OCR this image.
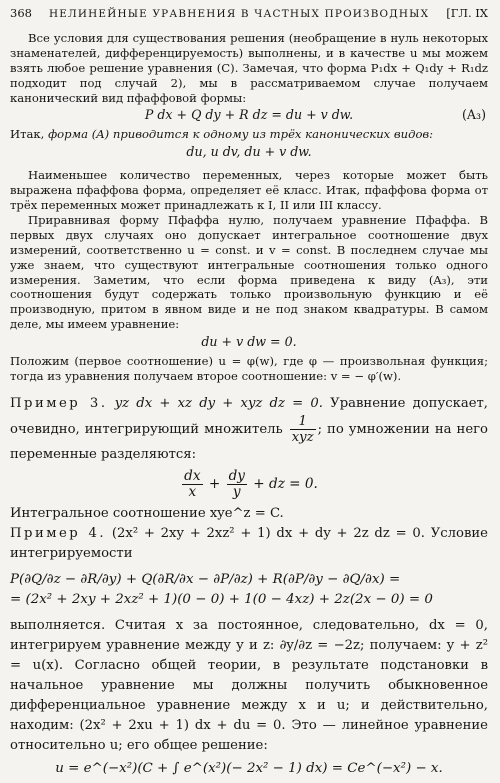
368 НЕЛИНЕЙНЫЕ УРАВНЕНИЯ В ЧАСТНЫХ ПРОИЗВОДНЫХ [ГЛ. IX

Все условия для существования решения (необращение в нуль некоторых знаменателей, дифференцируемость) выполнены, и в качестве u мы можем взять любое решение уравнения (C). Замечая, что форма P₁dx + Q₁dy + R₁dz подходит под случай 2), мы в рассматриваемом случае получаем канонический вид пфаффовой формы:

P dx + Q dy + R dz = du + v dw.	(A₃)

Итак, форма (A) приводится к одному из трёх канонических видов:

du, u dv, du + v dw.

Наименьшее количество переменных, через которые может быть выражена пфаффова форма, определяет её класс. Итак, пфаффова форма от трёх переменных может принадлежать к I, II или III классу.

Приравнивая форму Пфаффа нулю, получаем уравнение Пфаффа. В первых двух случаях оно допускает интегральное соотношение двух измерений, соответственно u = const. и v = const. В последнем случае мы уже знаем, что существуют интегральные соотношения только одного измерения. Заметим, что если форма приведена к виду (A₃), эти соотношения будут содержать только произвольную функцию и её производную, притом в явном виде и не под знаком квадратуры. В самом деле, мы имеем уравнение:

du + v dw = 0.

Положим (первое соотношение) u = φ(w), где φ — произвольная функция; тогда из уравнения получаем второе соотношение: v = − φ′(w).

Пример 3. yz dx + xz dy + xyz dz = 0. Уравнение допускает, очевидно, интегрирующий множитель $\frac{1}{\text{xyz}}$ ; по умножении на него переменные разделяются:

$\frac{dx}{x} + \frac{dy}{y}$ + dz = 0.

Интегральное соотношение xye^z = C.

Пример 4. (2x² + 2xy + 2xz² + 1) dx + dy + 2z dz = 0. Условие интегрируемости

P(∂Q/∂z − ∂R/∂y) + Q(∂R/∂x − ∂P/∂z) + R(∂P/∂y − ∂Q/∂x) =
= (2x² + 2xy + 2xz² + 1)(0 − 0) + 1(0 − 4xz) + 2z(2x − 0) = 0

выполняется. Считая x за постоянное, следовательно, dx = 0, интегрируем уравнение между y и z: ∂y/∂z = −2z; получаем: y + z² = u(x). Согласно общей теории, в результате подстановки в начальное уравнение мы должны получить обыкновенное дифференциальное уравнение между x и u; и действительно, находим: (2x² + 2xu + 1) dx + du = 0. Это — линейное уравнение относительно u; его общее решение:

u = e^(−x²)(C + ∫ e^(x²)(− 2x² − 1) dx) = Ce^(−x²) − x.
